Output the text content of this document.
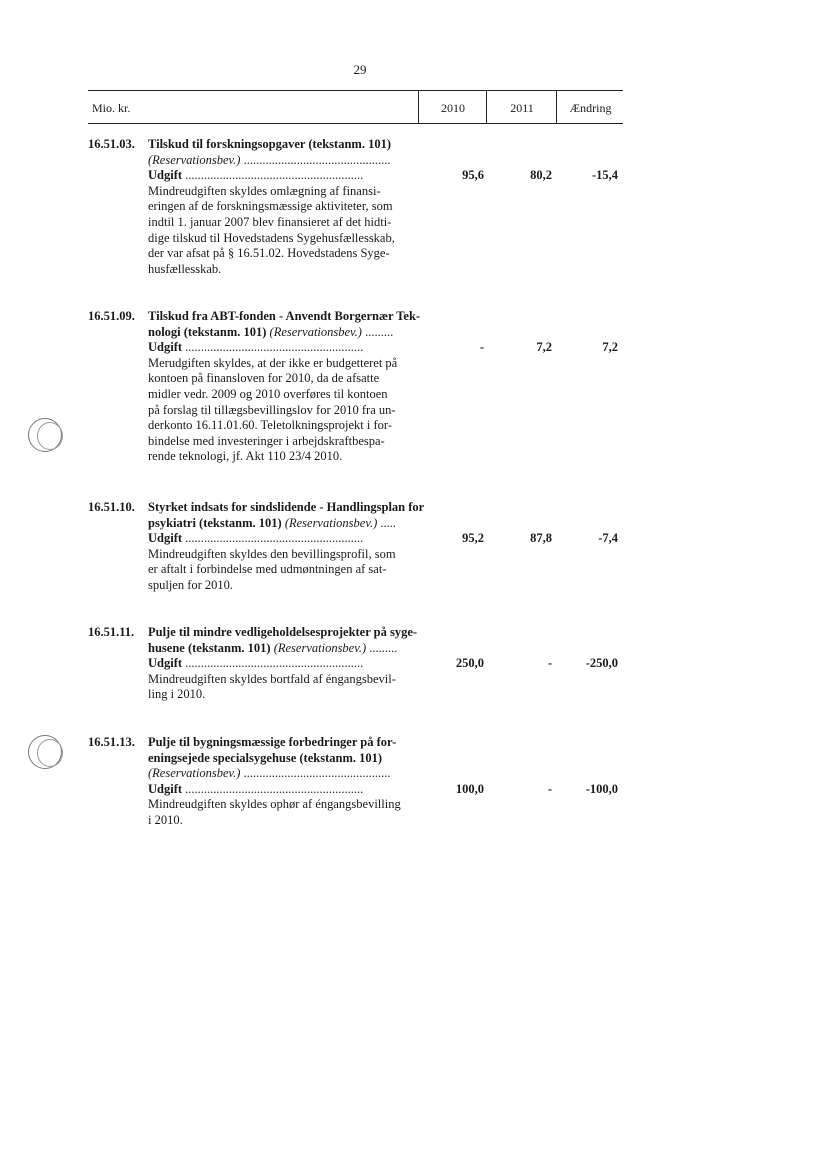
29
Mio. kr.	2010	2011	Ændring
16.51.03. Tilskud til forskningsopgaver (tekstanm. 101)
(Reservationsbev.) ...............................................
Udgift .........................................................
Mindreudgiften skyldes omlægning af finansi-
eringen af de forskningsmæssige aktiviteter, som
indtil 1. januar 2007 blev finansieret af det hidti-
dige tilskud til Hovedstadens Sygehusfællesskab,
der var afsat på § 16.51.02. Hovedstadens Syge-
husfællesskab.
95,6	80,2	-15,4
16.51.09. Tilskud fra ABT-fonden - Anvendt Borgernær Tek-
nologi (tekstanm. 101) (Reservationsbev.) .........
Udgift .........................................................
Merudgiften skyldes, at der ikke er budgetteret på
kontoen på finansloven for 2010, da de afsatte
midler vedr. 2009 og 2010 overføres til kontoen
på forslag til tillægsbevillingslov for 2010 fra un-
derkonto 16.11.01.60. Teletolkningsprojekt i for-
bindelse med investeringer i arbejdskraftbespa-
rende teknologi, jf. Akt 110 23/4 2010.
-	7,2	7,2
16.51.10. Styrket indsats for sindslidende - Handlingsplan for
psykiatri (tekstanm. 101) (Reservationsbev.) .....
Udgift .........................................................
Mindreudgiften skyldes den bevillingsprofil, som
er aftalt i forbindelse med udmøntningen af sat-
spuljen for 2010.
95,2	87,8	-7,4
16.51.11. Pulje til mindre vedligeholdelsesprojekter på syge-
husene (tekstanm. 101) (Reservationsbev.) .........
Udgift .........................................................
Mindreudgiften skyldes bortfald af éngangsbevil-
ling i 2010.
250,0	-	-250,0
16.51.13. Pulje til bygningsmæssige forbedringer på for-
eningsejede specialsygehuse (tekstanm. 101)
(Reservationsbev.) ...............................................
Udgift .........................................................
Mindreudgiften skyldes ophør af éngangsbevilling
i 2010.
100,0	-	-100,0
